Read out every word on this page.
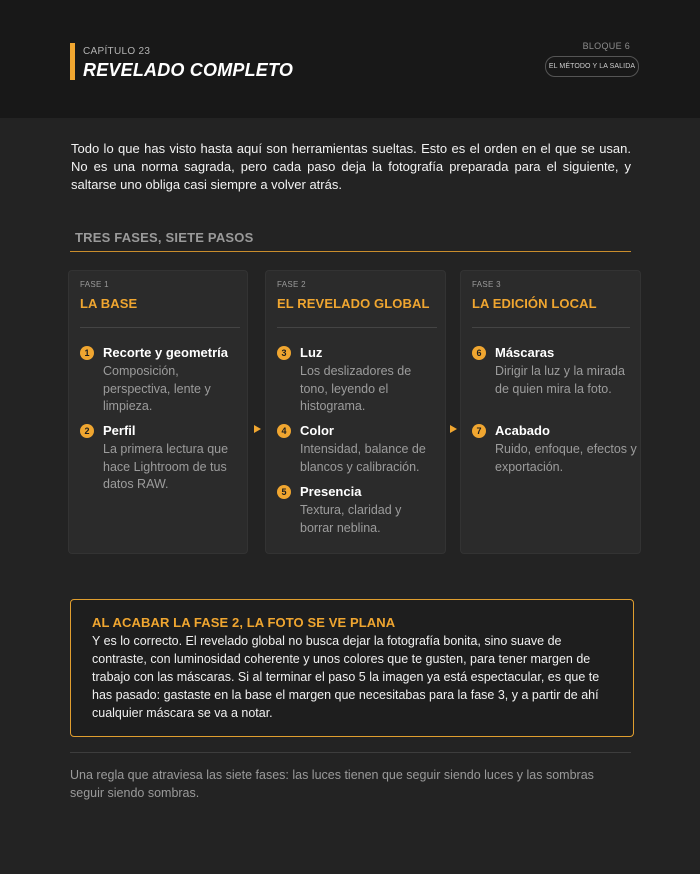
CAPÍTULO 23
REVELADO COMPLETO
BLOQUE 6
EL MÉTODO Y LA SALIDA
Todo lo que has visto hasta aquí son herramientas sueltas. Esto es el orden en el que se usan. No es una norma sagrada, pero cada paso deja la fotografía preparada para el siguiente, y saltarse uno obliga casi siempre a volver atrás.
TRES FASES, SIETE PASOS
FASE 1
LA BASE
1	Recorte y geometría
Composición, perspectiva, lente y limpieza.
2	Perfil
La primera lectura que hace Lightroom de tus datos RAW.
FASE 2
EL REVELADO GLOBAL
3	Luz
Los deslizadores de tono, leyendo el histograma.
4	Color
Intensidad, balance de blancos y calibración.
5	Presencia
Textura, claridad y borrar neblina.
FASE 3
LA EDICIÓN LOCAL
6	Máscaras
Dirigir la luz y la mirada de quien mira la foto.
7	Acabado
Ruido, enfoque, efectos y exportación.
AL ACABAR LA FASE 2, LA FOTO SE VE PLANA
Y es lo correcto. El revelado global no busca dejar la fotografía bonita, sino suave de contraste, con luminosidad coherente y unos colores que te gusten, para tener margen de trabajo con las máscaras. Si al terminar el paso 5 la imagen ya está espectacular, es que te has pasado: gastaste en la base el margen que necesitabas para la fase 3, y a partir de ahí cualquier máscara se va a notar.
Una regla que atraviesa las siete fases: las luces tienen que seguir siendo luces y las sombras seguir siendo sombras.
